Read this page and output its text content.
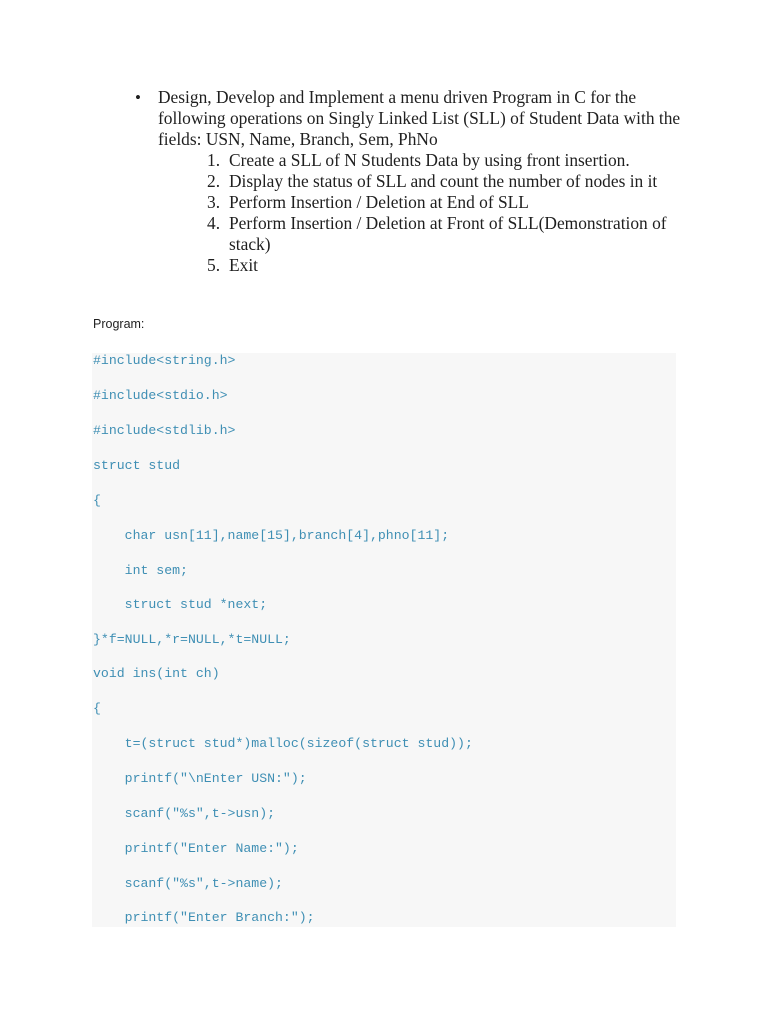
• Design, Develop and Implement a menu driven Program in C for the following operations on Singly Linked List (SLL) of Student Data with the fields: USN, Name, Branch, Sem, PhNo
1. Create a SLL of N Students Data by using front insertion.
2. Display the status of SLL and count the number of nodes in it
3. Perform Insertion / Deletion at End of SLL
4. Perform Insertion / Deletion at Front of SLL(Demonstration of stack)
5. Exit
Program:
#include<string.h>
#include<stdio.h>
#include<stdlib.h>
struct stud
{
char usn[11],name[15],branch[4],phno[11];
int sem;
struct stud *next;
}*f=NULL,*r=NULL,*t=NULL;
void ins(int ch)
{
t=(struct stud*)malloc(sizeof(struct stud));
printf("\nEnter USN:");
scanf("%s",t->usn);
printf("Enter Name:");
scanf("%s",t->name);
printf("Enter Branch:");
